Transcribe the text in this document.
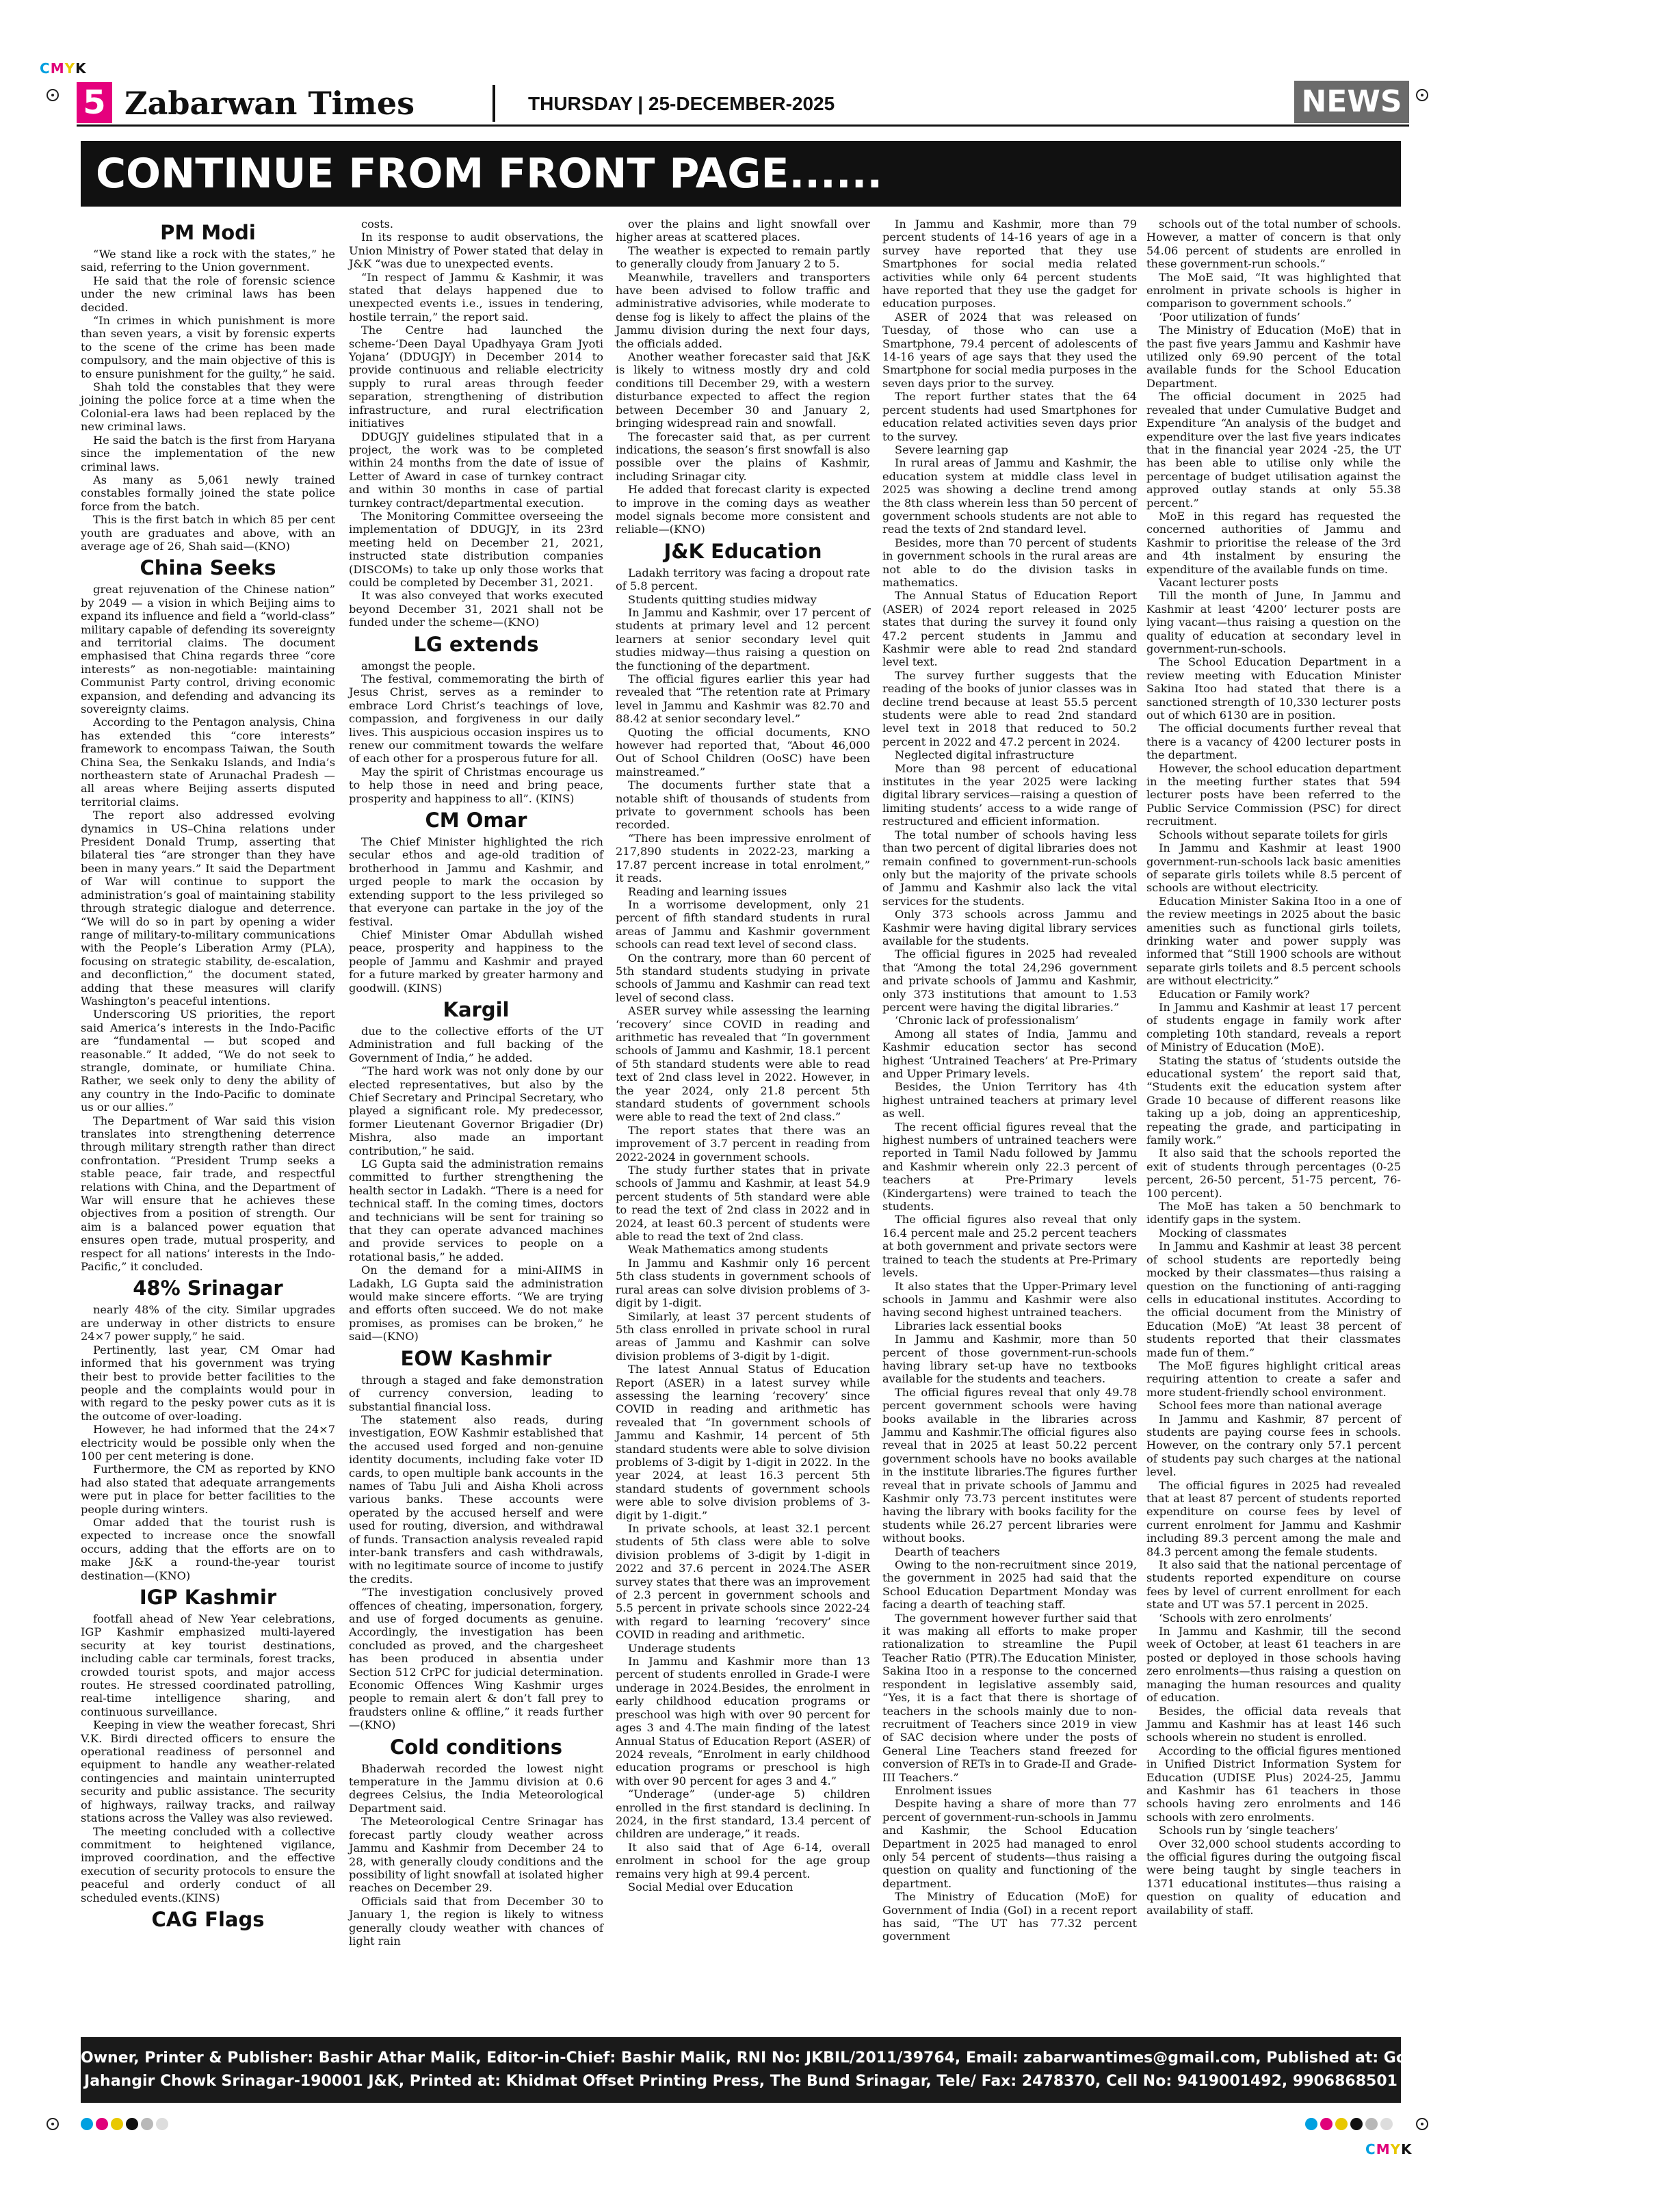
CMYK
CMYK
5 Zabarwan Times	THURSDAY | 25-DECEMBER-2025	NEWS
CONTINUE FROM FRONT PAGE......
PM Modi

“We stand like a rock with the states,” he said, referring to the Union government.

He said that the role of forensic science under the new criminal laws has been decided.

“In crimes in which punishment is more than seven years, a visit by forensic experts to the scene of the crime has been made compulsory, and the main objective of this is to ensure punishment for the guilty,” he said.

Shah told the constables that they were joining the police force at a time when the Colonial-era laws had been replaced by the new criminal laws.

He said the batch is the first from Haryana since the implementation of the new criminal laws.

As many as 5,061 newly trained constables formally joined the state police force from the batch.

This is the first batch in which 85 per cent youth are graduates and above, with an average age of 26, Shah said—(KNO)

China Seeks

great rejuvenation of the Chinese nation” by 2049 — a vision in which Beijing aims to expand its influence and field a “world-class” military capable of defending its sovereignty and territorial claims. The document emphasised that China regards three “core interests” as non-negotiable: maintaining Communist Party control, driving economic expansion, and defending and advancing its sovereignty claims.

According to the Pentagon analysis, China has extended this “core interests” framework to encompass Taiwan, the South China Sea, the Senkaku Islands, and India’s northeastern state of Arunachal Pradesh — all areas where Beijing asserts disputed territorial claims.

The report also addressed evolving dynamics in US–China relations under President Donald Trump, asserting that bilateral ties “are stronger than they have been in many years.” It said the Department of War will continue to support the administration’s goal of maintaining stability through strategic dialogue and deterrence. “We will do so in part by opening a wider range of military-to-military communications with the People’s Liberation Army (PLA), focusing on strategic stability, de-escalation, and deconfliction,” the document stated, adding that these measures will clarify Washington’s peaceful intentions.

Underscoring US priorities, the report said America’s interests in the Indo-Pacific are “fundamental — but scoped and reasonable.” It added, “We do not seek to strangle, dominate, or humiliate China. Rather, we seek only to deny the ability of any country in the Indo-Pacific to dominate us or our allies.”

The Department of War said this vision translates into strengthening deterrence through military strength rather than direct confrontation. “President Trump seeks a stable peace, fair trade, and respectful relations with China, and the Department of War will ensure that he achieves these objectives from a position of strength. Our aim is a balanced power equation that ensures open trade, mutual prosperity, and respect for all nations’ interests in the Indo-Pacific,” it concluded.

48% Srinagar

nearly 48% of the city. Similar upgrades are underway in other districts to ensure 24×7 power supply,” he said.

Pertinently, last year, CM Omar had informed that his government was trying their best to provide better facilities to the people and the complaints would pour in with regard to the pesky power cuts as it is the outcome of over-loading.

However, he had informed that the 24×7 electricity would be possible only when the 100 per cent metering is done.

Furthermore, the CM as reported by KNO had also stated that adequate arrangements were put in place for better facilities to the people during winters.

Omar added that the tourist rush is expected to increase once the snowfall occurs, adding that the efforts are on to make J&K a round-the-year tourist destination—(KNO)

IGP Kashmir

footfall ahead of New Year celebrations, IGP Kashmir emphasized multi-layered security at key tourist destinations, including cable car terminals, forest tracks, crowded tourist spots, and major access routes. He stressed coordinated patrolling, real-time intelligence sharing, and continuous surveillance.

Keeping in view the weather forecast, Shri V.K. Birdi directed officers to ensure the operational readiness of personnel and equipment to handle any weather-related contingencies and maintain uninterrupted security and public assistance. The security of highways, railway tracks, and railway stations across the Valley was also reviewed.

The meeting concluded with a collective commitment to heightened vigilance, improved coordination, and the effective execution of security protocols to ensure the peaceful and orderly conduct of all scheduled events.(KINS)

CAG Flags

costs.

In its response to audit observations, the Union Ministry of Power stated that delay in J&K “was due to unexpected events.

“In respect of Jammu & Kashmir, it was stated that delays happened due to unexpected events i.e., issues in tendering, hostile terrain,” the report said.

The Centre had launched the scheme-‘Deen Dayal Upadhyaya Gram Jyoti Yojana’ (DDUGJY) in December 2014 to provide continuous and reliable electricity supply to rural areas through feeder separation, strengthening of distribution infrastructure, and rural electrification initiatives

DDUGJY guidelines stipulated that in a project, the work was to be completed within 24 months from the date of issue of Letter of Award in case of turnkey contract and within 30 months in case of partial turnkey contract/departmental execution.

The Monitoring Committee overseeing the implementation of DDUGJY, in its 23rd meeting held on December 21, 2021, instructed state distribution companies (DISCOMs) to take up only those works that could be completed by December 31, 2021.

It was also conveyed that works executed beyond December 31, 2021 shall not be funded under the scheme—(KNO)

LG extends

amongst the people.

The festival, commemorating the birth of Jesus Christ, serves as a reminder to embrace Lord Christ’s teachings of love, compassion, and forgiveness in our daily lives. This auspicious occasion inspires us to renew our commitment towards the welfare of each other for a prosperous future for all.

May the spirit of Christmas encourage us to help those in need and bring peace, prosperity and happiness to all”. (KINS)

CM Omar

The Chief Minister highlighted the rich secular ethos and age-old tradition of brotherhood in Jammu and Kashmir, and urged people to mark the occasion by extending support to the less privileged so that everyone can partake in the joy of the festival.

Chief Minister Omar Abdullah wished peace, prosperity and happiness to the people of Jammu and Kashmir and prayed for a future marked by greater harmony and goodwill. (KINS)

Kargil

due to the collective efforts of the UT Administration and full backing of the Government of India,” he added.

“The hard work was not only done by our elected representatives, but also by the Chief Secretary and Principal Secretary, who played a significant role. My predecessor, former Lieutenant Governor Brigadier (Dr) Mishra, also made an important contribution,” he said.

LG Gupta said the administration remains committed to further strengthening the health sector in Ladakh. “There is a need for technical staff. In the coming times, doctors and technicians will be sent for training so that they can operate advanced machines and provide services to people on a rotational basis,” he added.

On the demand for a mini-AIIMS in Ladakh, LG Gupta said the administration would make sincere efforts. “We are trying and efforts often succeed. We do not make promises, as promises can be broken,” he said—(KNO)

EOW Kashmir

through a staged and fake demonstration of currency conversion, leading to substantial financial loss.

The statement also reads, during investigation, EOW Kashmir established that the accused used forged and non-genuine identity documents, including fake voter ID cards, to open multiple bank accounts in the names of Tabu Juli and Aisha Kholi across various banks. These accounts were operated by the accused herself and were used for routing, diversion, and withdrawal of funds. Transaction analysis revealed rapid inter-bank transfers and cash withdrawals, with no legitimate source of income to justify the credits.

“The investigation conclusively proved offences of cheating, impersonation, forgery, and use of forged documents as genuine. Accordingly, the investigation has been concluded as proved, and the chargesheet has been produced in absentia under Section 512 CrPC for judicial determination. Economic Offences Wing Kashmir urges people to remain alert & don’t fall prey to fraudsters online & offline,” it reads further—(KNO)

Cold conditions

Bhaderwah recorded the lowest night temperature in the Jammu division at 0.6 degrees Celsius, the India Meteorological Department said.

The Meteorological Centre Srinagar has forecast partly cloudy weather across Jammu and Kashmir from December 24 to 28, with generally cloudy conditions and the possibility of light snowfall at isolated higher reaches on December 29.

Officials said that from December 30 to January 1, the region is likely to witness generally cloudy weather with chances of light rain

over the plains and light snowfall over higher areas at scattered places.

The weather is expected to remain partly to generally cloudy from January 2 to 5.

Meanwhile, travellers and transporters have been advised to follow traffic and administrative advisories, while moderate to dense fog is likely to affect the plains of the Jammu division during the next four days, the officials added.

Another weather forecaster said that J&K is likely to witness mostly dry and cold conditions till December 29, with a western disturbance expected to affect the region between December 30 and January 2, bringing widespread rain and snowfall.

The forecaster said that, as per current indications, the season’s first snowfall is also possible over the plains of Kashmir, including Srinagar city.

He added that forecast clarity is expected to improve in the coming days as weather model signals become more consistent and reliable—(KNO)

J&K Education

Ladakh territory was facing a dropout rate of 5.8 percent.

Students quitting studies midway

In Jammu and Kashmir, over 17 percent of students at primary level and 12 percent learners at senior secondary level quit studies midway—thus raising a question on the functioning of the department.

The official figures earlier this year had revealed that “The retention rate at Primary level in Jammu and Kashmir was 82.70 and 88.42 at senior secondary level.”

Quoting the official documents, KNO however had reported that, “About 46,000 Out of School Children (OoSC) have been mainstreamed.”

The documents further state that a notable shift of thousands of students from private to government schools has been recorded.

“There has been impressive enrolment of 217,890 students in 2022-23, marking a 17.87 percent increase in total enrolment,” it reads.

Reading and learning issues

In a worrisome development, only 21 percent of fifth standard students in rural areas of Jammu and Kashmir government schools can read text level of second class.

On the contrary, more than 60 percent of 5th standard students studying in private schools of Jammu and Kashmir can read text level of second class.

ASER survey while assessing the learning ‘recovery’ since COVID in reading and arithmetic has revealed that “In government schools of Jammu and Kashmir, 18.1 percent of 5th standard students were able to read text of 2nd class level in 2022. However, in the year 2024, only 21.8 percent 5th standard students of government schools were able to read the text of 2nd class.”

The report states that there was an improvement of 3.7 percent in reading from 2022-2024 in government schools.

The study further states that in private schools of Jammu and Kashmir, at least 54.9 percent students of 5th standard were able to read the text of 2nd class in 2022 and in 2024, at least 60.3 percent of students were able to read the text of 2nd class.

Weak Mathematics among students

In Jammu and Kashmir only 16 percent 5th class students in government schools of rural areas can solve division problems of 3-digit by 1-digit.

Similarly, at least 37 percent students of 5th class enrolled in private school in rural areas of Jammu and Kashmir can solve division problems of 3-digit by 1-digit.

The latest Annual Status of Education Report (ASER) in a latest survey while assessing the learning ‘recovery’ since COVID in reading and arithmetic has revealed that “In government schools of Jammu and Kashmir, 14 percent of 5th standard students were able to solve division problems of 3-digit by 1-digit in 2022. In the year 2024, at least 16.3 percent 5th standard students of government schools were able to solve division problems of 3-digit by 1-digit.”

In private schools, at least 32.1 percent students of 5th class were able to solve division problems of 3-digit by 1-digit in 2022 and 37.6 percent in 2024.The ASER survey states that there was an improvement of 2.3 percent in government schools and 5.5 percent in private schools since 2022-24 with regard to learning ‘recovery’ since COVID in reading and arithmetic.

Underage students

In Jammu and Kashmir more than 13 percent of students enrolled in Grade-I were underage in 2024.Besides, the enrolment in early childhood education programs or preschool was high with over 90 percent for ages 3 and 4.The main finding of the latest Annual Status of Education Report (ASER) of 2024 reveals, “Enrolment in early childhood education programs or preschool is high with over 90 percent for ages 3 and 4.”

“Underage” (under-age 5) children enrolled in the first standard is declining. In 2024, in the first standard, 13.4 percent of children are underage,” it reads.

It also said that of Age 6-14, overall enrolment in school for the age group remains very high at 99.4 percent.

Social Medial over Education

In Jammu and Kashmir, more than 79 percent students of 14-16 years of age in a survey have reported that they use Smartphones for social media related activities while only 64 percent students have reported that they use the gadget for education purposes.

ASER of 2024 that was released on Tuesday, of those who can use a Smartphone, 79.4 percent of adolescents of 14-16 years of age says that they used the Smartphone for social media purposes in the seven days prior to the survey.

The report further states that the 64 percent students had used Smartphones for education related activities seven days prior to the survey.

Severe learning gap

In rural areas of Jammu and Kashmir, the education system at middle class level in 2025 was showing a decline trend among the 8th class wherein less than 50 percent of government schools students are not able to read the texts of 2nd standard level.

Besides, more than 70 percent of students in government schools in the rural areas are not able to do the division tasks in mathematics.

The Annual Status of Education Report (ASER) of 2024 report released in 2025 states that during the survey it found only 47.2 percent students in Jammu and Kashmir were able to read 2nd standard level text.

The survey further suggests that the reading of the books of junior classes was in decline trend because at least 55.5 percent students were able to read 2nd standard level text in 2018 that reduced to 50.2 percent in 2022 and 47.2 percent in 2024.

Neglected digital infrastructure

More than 98 percent of educational institutes in the year 2025 were lacking digital library services—raising a question of limiting students’ access to a wide range of restructured and efficient information.

The total number of schools having less than two percent of digital libraries does not remain confined to government-run-schools only but the majority of the private schools of Jammu and Kashmir also lack the vital services for the students.

Only 373 schools across Jammu and Kashmir were having digital library services available for the students.

The official figures in 2025 had revealed that “Among the total 24,296 government and private schools of Jammu and Kashmir, only 373 institutions that amount to 1.53 percent were having the digital libraries.”

‘Chronic lack of professionalism’

Among all states of India, Jammu and Kashmir education sector has second highest ‘Untrained Teachers’ at Pre-Primary and Upper Primary levels.

Besides, the Union Territory has 4th highest untrained teachers at primary level as well.

The recent official figures reveal that the highest numbers of untrained teachers were reported in Tamil Nadu followed by Jammu and Kashmir wherein only 22.3 percent of teachers at Pre-Primary levels (Kindergartens) were trained to teach the students.

The official figures also reveal that only 16.4 percent male and 25.2 percent teachers at both government and private sectors were trained to teach the students at Pre-Primary levels.

It also states that the Upper-Primary level schools in Jammu and Kashmir were also having second highest untrained teachers.

Libraries lack essential books

In Jammu and Kashmir, more than 50 percent of those government-run-schools having library set-up have no textbooks available for the students and teachers.

The official figures reveal that only 49.78 percent government schools were having books available in the libraries across Jammu and Kashmir.The official figures also reveal that in 2025 at least 50.22 percent government schools have no books available in the institute libraries.The figures further reveal that in private schools of Jammu and Kashmir only 73.73 percent institutes were having the library with books facility for the students while 26.27 percent libraries were without books.

Dearth of teachers

Owing to the non-recruitment since 2019, the government in 2025 had said that the School Education Department Monday was facing a dearth of teaching staff.

The government however further said that it was making all efforts to make proper rationalization to streamline the Pupil Teacher Ratio (PTR).The Education Minister, Sakina Itoo in a response to the concerned respondent in legislative assembly said, “Yes, it is a fact that there is shortage of teachers in the schools mainly due to non-recruitment of Teachers since 2019 in view of SAC decision where under the posts of General Line Teachers stand freezed for conversion of RETs in to Grade-II and Grade-III Teachers.”

Enrolment issues

Despite having a share of more than 77 percent of government-run-schools in Jammu and Kashmir, the School Education Department in 2025 had managed to enrol only 54 percent of students—thus raising a question on quality and functioning of the department.

The Ministry of Education (MoE) for Government of India (GoI) in a recent report has said, “The UT has 77.32 percent government

schools out of the total number of schools. However, a matter of concern is that only 54.06 percent of students are enrolled in these government-run schools.”

The MoE said, “It was highlighted that enrolment in private schools is higher in comparison to government schools.”

‘Poor utilization of funds’

The Ministry of Education (MoE) that in the past five years Jammu and Kashmir have utilized only 69.90 percent of the total available funds for the School Education Department.

The official document in 2025 had revealed that under Cumulative Budget and Expenditure “An analysis of the budget and expenditure over the last five years indicates that in the financial year 2024 -25, the UT has been able to utilise only while the percentage of budget utilisation against the approved outlay stands at only 55.38 percent.”

MoE in this regard has requested the concerned authorities of Jammu and Kashmir to prioritise the release of the 3rd and 4th instalment by ensuring the expenditure of the available funds on time.

Vacant lecturer posts

Till the month of June, In Jammu and Kashmir at least ‘4200’ lecturer posts are lying vacant—thus raising a question on the quality of education at secondary level in government-run-schools.

The School Education Department in a review meeting with Education Minister Sakina Itoo had stated that there is a sanctioned strength of 10,330 lecturer posts out of which 6130 are in position.

The official documents further reveal that there is a vacancy of 4200 lecturer posts in the department.

However, the school education department in the meeting further states that 594 lecturer posts have been referred to the Public Service Commission (PSC) for direct recruitment.

Schools without separate toilets for girls

In Jammu and Kashmir at least 1900 government-run-schools lack basic amenities of separate girls toilets while 8.5 percent of schools are without electricity.

Education Minister Sakina Itoo in a one of the review meetings in 2025 about the basic amenities such as functional girls toilets, drinking water and power supply was informed that “Still 1900 schools are without separate girls toilets and 8.5 percent schools are without electricity.”

Education or Family work?

In Jammu and Kashmir at least 17 percent of students engage in family work after completing 10th standard, reveals a report of Ministry of Education (MoE).

Stating the status of ‘students outside the educational system’ the report said that, “Students exit the education system after Grade 10 because of different reasons like taking up a job, doing an apprenticeship, repeating the grade, and participating in family work.”

It also said that the schools reported the exit of students through percentages (0-25 percent, 26-50 percent, 51-75 percent, 76-100 percent).

The MoE has taken a 50 benchmark to identify gaps in the system.

Mocking of classmates

In Jammu and Kashmir at least 38 percent of school students are reportedly being mocked by their classmates—thus raising a question on the functioning of anti-ragging cells in educational institutes. According to the official document from the Ministry of Education (MoE) “At least 38 percent of students reported that their classmates made fun of them.”

The MoE figures highlight critical areas requiring attention to create a safer and more student-friendly school environment.

School fees more than national average

In Jammu and Kashmir, 87 percent of students are paying course fees in schools. However, on the contrary only 57.1 percent of students pay such charges at the national level.

The official figures in 2025 had revealed that at least 87 percent of students reported expenditure on course fees by level of current enrolment for Jammu and Kashmir including 89.3 percent among the male and 84.3 percent among the female students.

It also said that the national percentage of students reported expenditure on course fees by level of current enrollment for each state and UT was 57.1 percent in 2025.

‘Schools with zero enrolments’

In Jammu and Kashmir, till the second week of October, at least 61 teachers in are posted or deployed in those schools having zero enrolments—thus raising a question on managing the human resources and quality of education.

Besides, the official data reveals that Jammu and Kashmir has at least 146 such schools wherein no student is enrolled.

According to the official figures mentioned in Unified District Information System for Education (UDISE Plus) 2024-25, Jammu and Kashmir has 61 teachers in those schools having zero enrolments and 146 schools with zero enrolments.

Schools run by ‘single teachers’

Over 32,000 school students according to the official figures during the outgoing fiscal were being taught by single teachers in 1371 educational institutes—thus raising a question on quality of education and availability of staff.

Owner, Printer & Publisher: Bashir Athar Malik, Editor-in-Chief: Bashir Malik, RNI No: JKBIL/2011/39764, Email: zabarwantimes@gmail.com, Published at: Govt. Quarters, B-6, Budshah Flats
Jahangir Chowk Srinagar-190001 J&K, Printed at: Khidmat Offset Printing Press, The Bund Srinagar, Tele/ Fax: 2478370, Cell No: 9419001492, 9906868501
